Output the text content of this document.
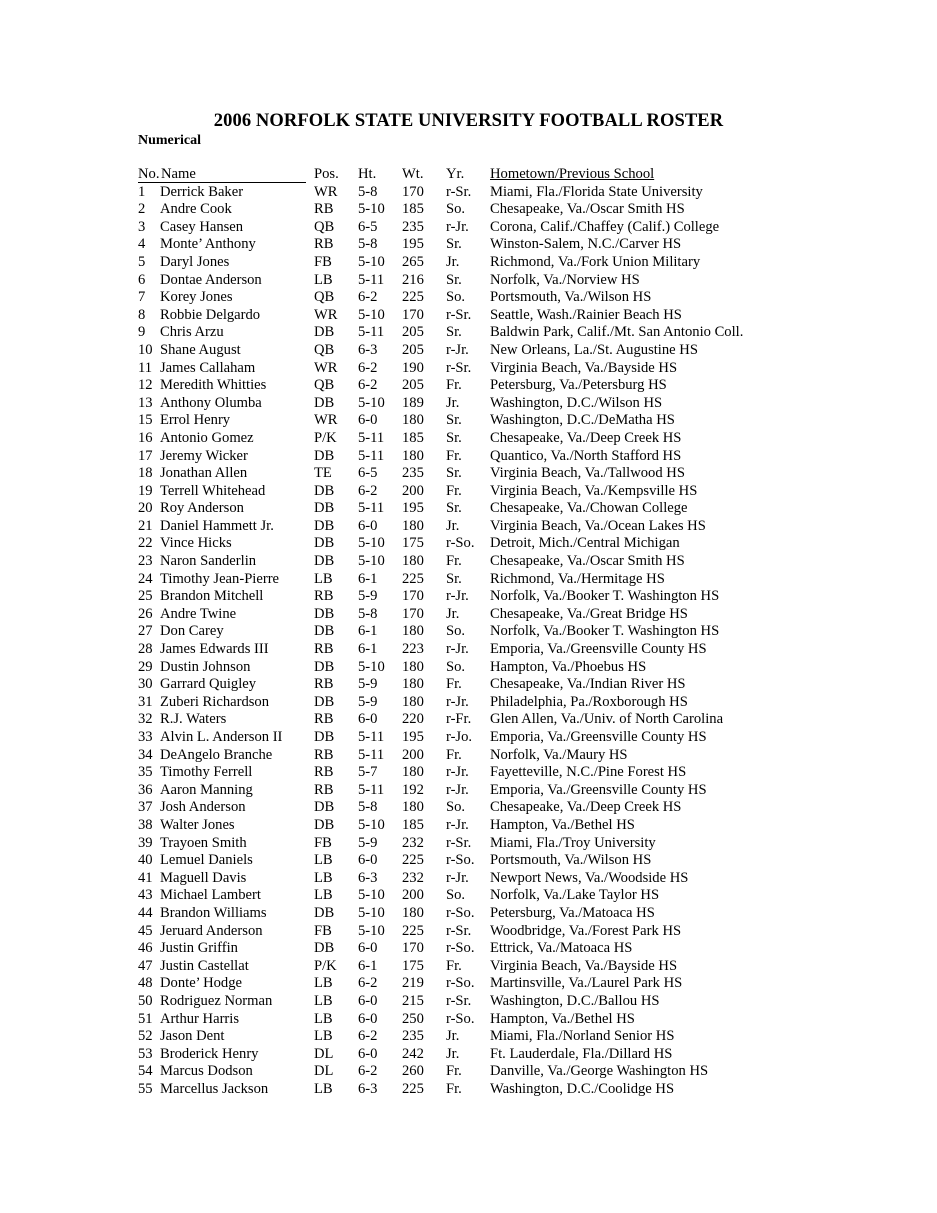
2006 NORFOLK STATE UNIVERSITY FOOTBALL ROSTER
Numerical
No. Name	Pos. Ht. Wt. Yr. Hometown/Previous School
1 Derrick Baker	WR 5-8 170 r-Sr. Miami, Fla./Florida State University
2 Andre Cook	RB 5-10 185 So. Chesapeake, Va./Oscar Smith HS
3 Casey Hansen	QB 6-5 235 r-Jr. Corona, Calif./Chaffey (Calif.) College
4 Monte’ Anthony	RB 5-8 195 Sr. Winston-Salem, N.C./Carver HS
5 Daryl Jones	FB 5-10 265 Jr. Richmond, Va./Fork Union Military
6 Dontae Anderson	LB 5-11 216 Sr. Norfolk, Va./Norview HS
7 Korey Jones	QB 6-2 225 So. Portsmouth, Va./Wilson HS
8 Robbie Delgardo	WR 5-10 170 r-Sr. Seattle, Wash./Rainier Beach HS
9 Chris Arzu	DB 5-11 205 Sr. Baldwin Park, Calif./Mt. San Antonio Coll.
10 Shane August	QB 6-3 205 r-Jr. New Orleans, La./St. Augustine HS
11 James Callaham	WR 6-2 190 r-Sr. Virginia Beach, Va./Bayside HS
12 Meredith Whitties	QB 6-2 205 Fr. Petersburg, Va./Petersburg HS
13 Anthony Olumba	DB 5-10 189 Jr. Washington, D.C./Wilson HS
15 Errol Henry	WR 6-0 180 Sr. Washington, D.C./DeMatha HS
16 Antonio Gomez	P/K 5-11 185 Sr. Chesapeake, Va./Deep Creek HS
17 Jeremy Wicker	DB 5-11 180 Fr. Quantico, Va./North Stafford HS
18 Jonathan Allen	TE 6-5 235 Sr. Virginia Beach, Va./Tallwood HS
19 Terrell Whitehead	DB 6-2 200 Fr. Virginia Beach, Va./Kempsville HS
20 Roy Anderson	DB 5-11 195 Sr. Chesapeake, Va./Chowan College
21 Daniel Hammett Jr.	DB 6-0 180 Jr. Virginia Beach, Va./Ocean Lakes HS
22 Vince Hicks	DB 5-10 175 r-So. Detroit, Mich./Central Michigan
23 Naron Sanderlin	DB 5-10 180 Fr. Chesapeake, Va./Oscar Smith HS
24 Timothy Jean-Pierre LB 6-1 225 Sr. Richmond, Va./Hermitage HS
25 Brandon Mitchell	RB 5-9 170 r-Jr. Norfolk, Va./Booker T. Washington HS
26 Andre Twine	DB 5-8 170 Jr. Chesapeake, Va./Great Bridge HS
27 Don Carey	DB 6-1 180 So. Norfolk, Va./Booker T. Washington HS
28 James Edwards III	RB 6-1 223 r-Jr. Emporia, Va./Greensville County HS
29 Dustin Johnson	DB 5-10 180 So. Hampton, Va./Phoebus HS
30 Garrard Quigley	RB 5-9 180 Fr. Chesapeake, Va./Indian River HS
31 Zuberi Richardson	DB 5-9 180 r-Jr. Philadelphia, Pa./Roxborough HS
32 R.J. Waters	RB 6-0 220 r-Fr. Glen Allen, Va./Univ. of North Carolina
33 Alvin L. Anderson II DB 5-11 195 r-Jo. Emporia, Va./Greensville County HS
34 DeAngelo Branche	RB 5-11 200 Fr. Norfolk, Va./Maury HS
35 Timothy Ferrell	RB 5-7 180 r-Jr. Fayetteville, N.C./Pine Forest HS
36 Aaron Manning	RB 5-11 192 r-Jr. Emporia, Va./Greensville County HS
37 Josh Anderson	DB 5-8 180 So. Chesapeake, Va./Deep Creek HS
38 Walter Jones	DB 5-10 185 r-Jr. Hampton, Va./Bethel HS
39 Trayoen Smith	FB 5-9 232 r-Sr. Miami, Fla./Troy University
40 Lemuel Daniels	LB 6-0 225 r-So. Portsmouth, Va./Wilson HS
41 Maguell Davis	LB 6-3 232 r-Jr. Newport News, Va./Woodside HS
43 Michael Lambert	LB 5-10 200 So. Norfolk, Va./Lake Taylor HS
44 Brandon Williams	DB 5-10 180 r-So. Petersburg, Va./Matoaca HS
45 Jeruard Anderson	FB 5-10 225 r-Sr. Woodbridge, Va./Forest Park HS
46 Justin Griffin	DB 6-0 170 r-So. Ettrick, Va./Matoaca HS
47 Justin Castellat	P/K 6-1 175 Fr. Virginia Beach, Va./Bayside HS
48 Donte’ Hodge	LB 6-2 219 r-So. Martinsville, Va./Laurel Park HS
50 Rodriguez Norman	LB 6-0 215 r-Sr. Washington, D.C./Ballou HS
51 Arthur Harris	LB 6-0 250 r-So. Hampton, Va./Bethel HS
52 Jason Dent	LB 6-2 235 Jr. Miami, Fla./Norland Senior HS
53 Broderick Henry	DL 6-0 242 Jr. Ft. Lauderdale, Fla./Dillard HS
54 Marcus Dodson	DL 6-2 260 Fr. Danville, Va./George Washington HS
55 Marcellus Jackson	LB 6-3 225 Fr. Washington, D.C./Coolidge HS
